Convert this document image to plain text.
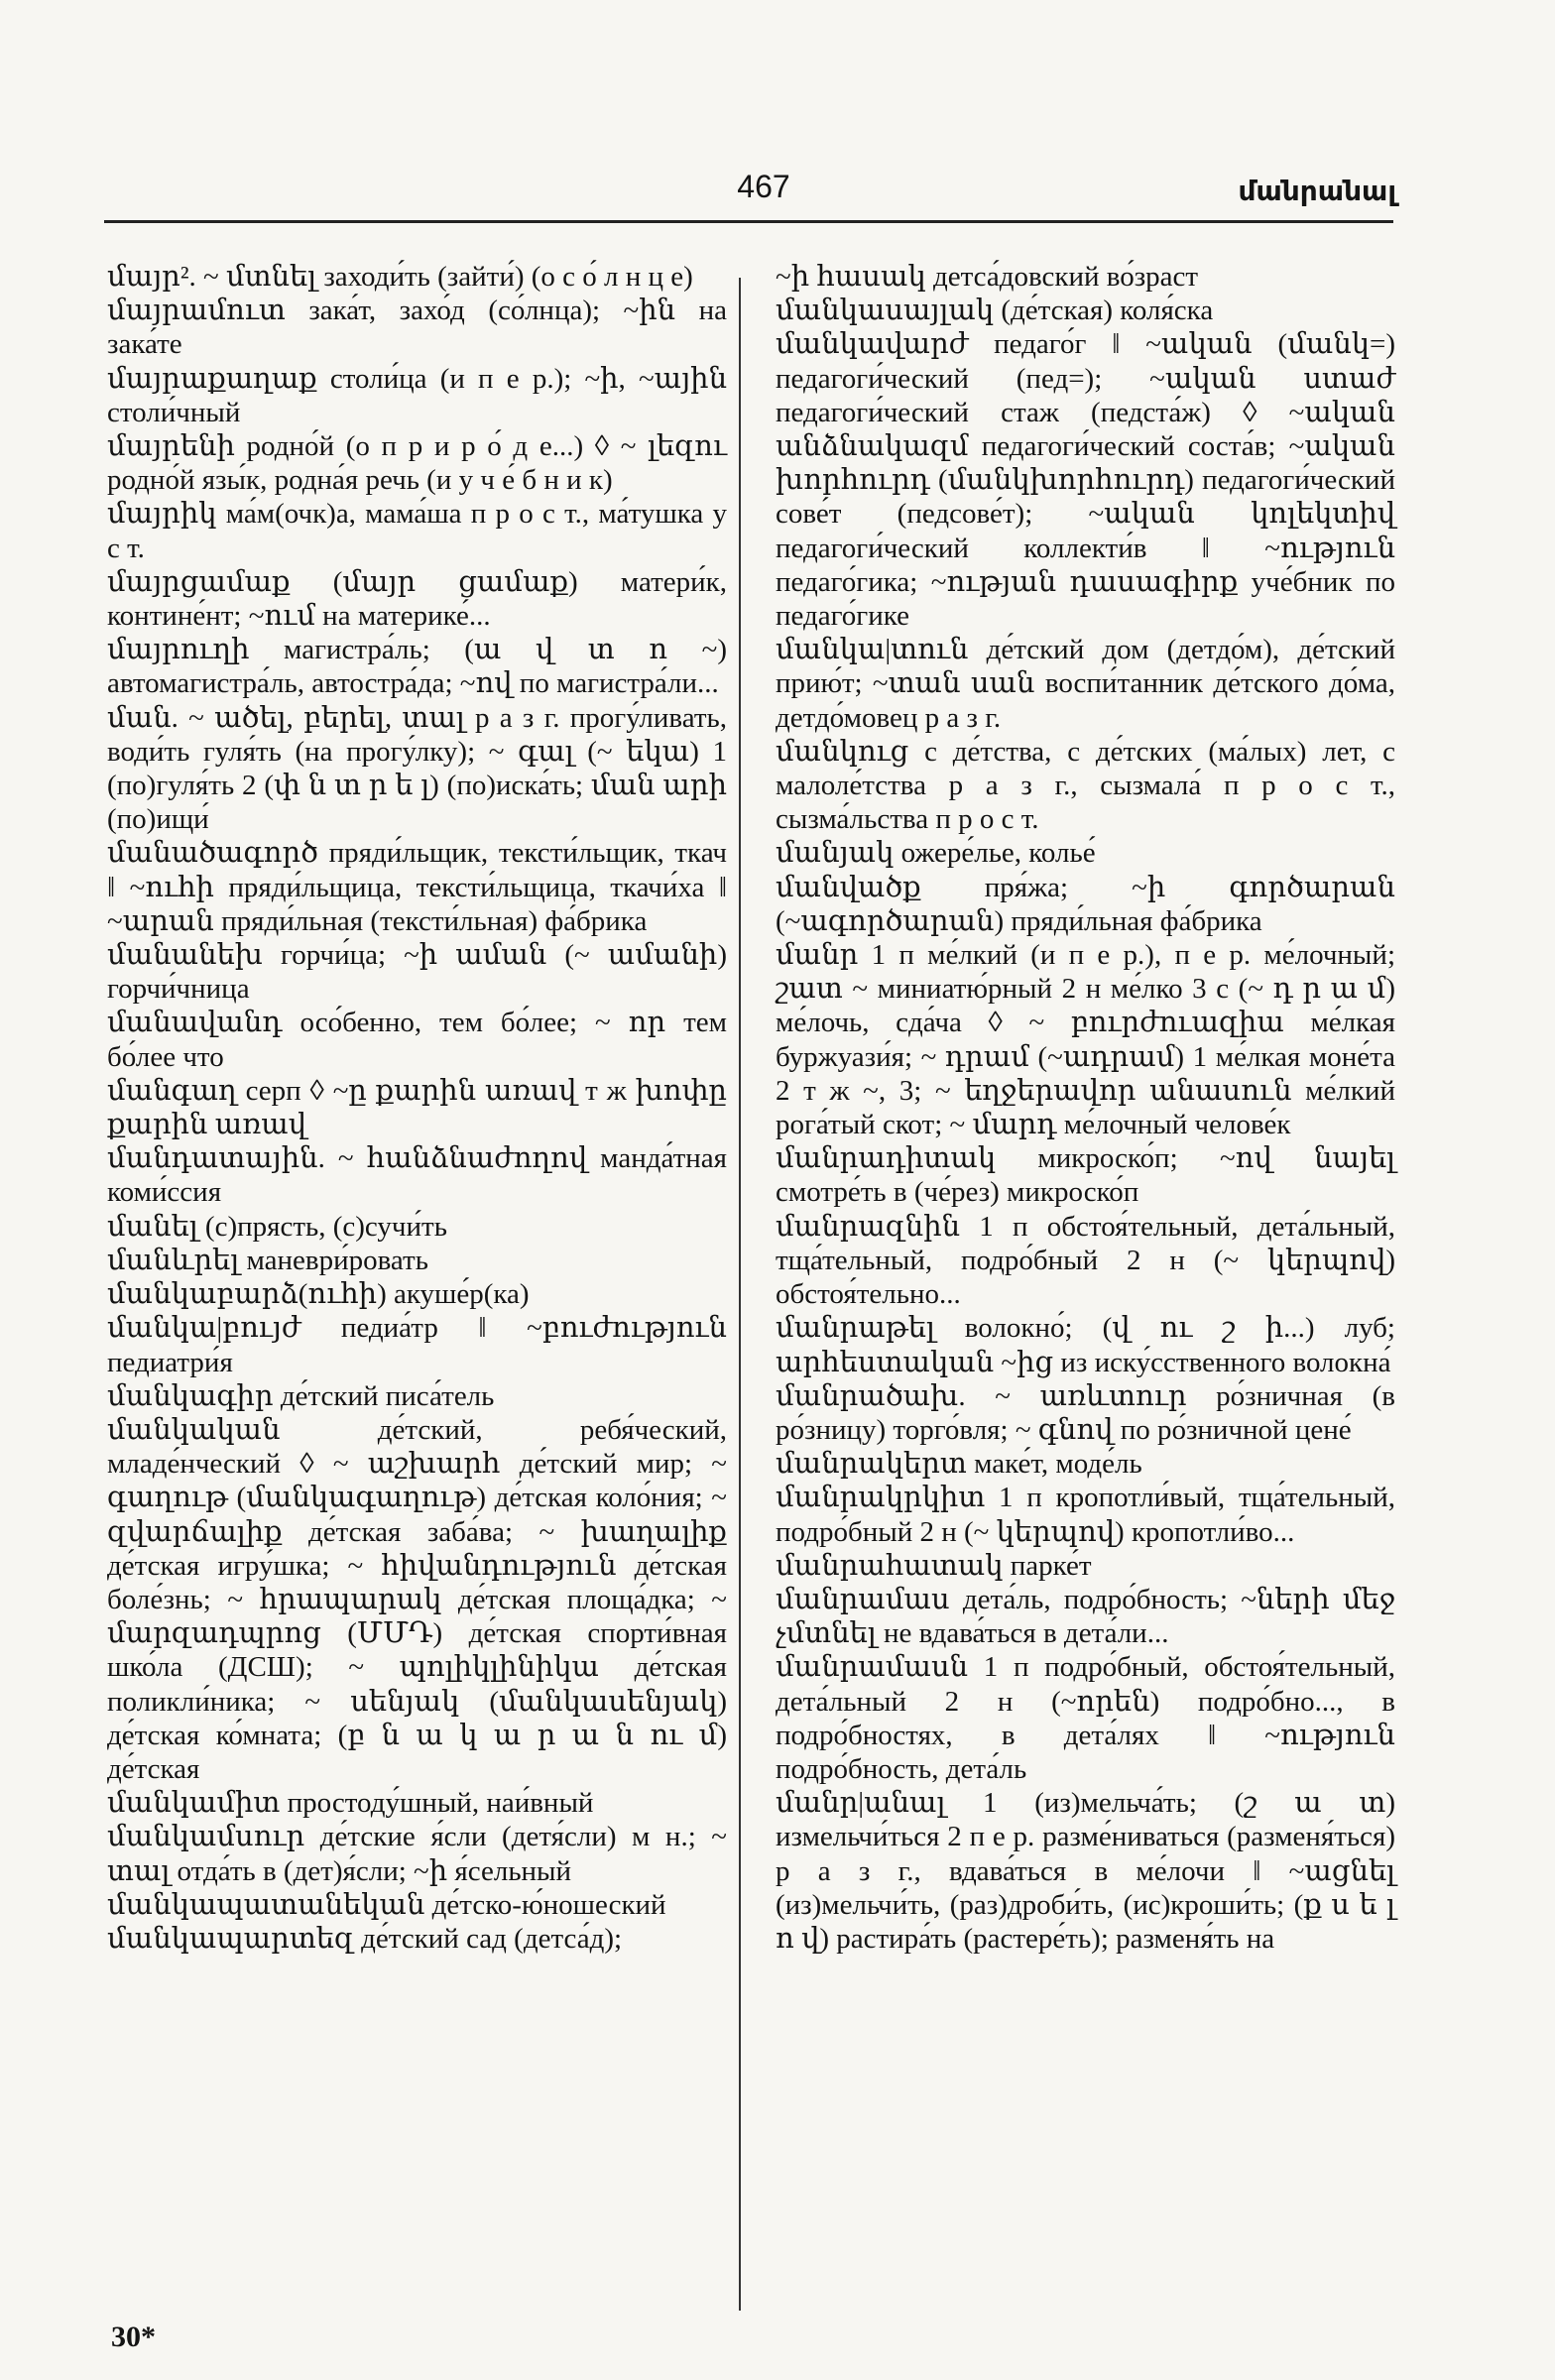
467	մանրանալ

մայր². ~ մտնել заходи́ть (зайти́) (о с о́ л н ц е)

մայրամուտ зака́т, захо́д (со́лнца); ~ին на зака́те

մայրաքաղաք столи́ца (и п е р.); ~ի, ~ային столи́чный

մայրենի родно́й (о п р и р о́ д е...) ◊ ~ լեզու родно́й язы́к, родна́я речь (и у ч е́ б н и к)

մայրիկ ма́м(очк)а, мама́ша п р о с т., ма́тушка у с т.

մայրցամաք (մայր ցամաք) матери́к, контине́нт; ~ում на материке́...

մայրուղի магистра́ль; (ա վ տ ո ~) автомагистра́ль, автостра́да; ~ով по магистра́ли...

ման. ~ ածել, բերել, տալ р а з г. прогу́ливать, води́ть гуля́ть (на прогу́лку); ~ գալ (~ եկա) 1 (по)гуля́ть 2 (փ ն տ ր ե լ) (по)иска́ть; ման արի (по)ищи́

մանածագործ пряди́льщик, тексти́льщик, ткач ‖ ~ուհի пряди́льщица, тексти́льщица, ткачи́ха ‖ ~արան пряди́льная (тексти́льная) фа́брика

մանանեխ горчи́ца; ~ի աման (~ ամանի) горчи́чница

մանավանդ осо́бенно, тем бо́лее; ~ որ тем бо́лее что

մանգաղ серп ◊ ~ը քարին առավ т ж խոփը քարին առավ

մանդատային. ~ հանձնաժողով манда́тная коми́ссия

մանել (с)прясть, (с)сучи́ть

մանևրել маневри́ровать

մանկաբարձ(ուհի) акуше́р(ка)

մանկա|բույժ педиа́тр ‖ ~բուժություն педиатри́я

մանկագիր де́тский писа́тель

մանկական де́тский, ребя́ческий, младе́нческий ◊ ~ աշխարհ де́тский мир; ~ գաղութ (մանկագաղութ) де́тская коло́ния; ~ զվարճալիք де́тская заба́ва; ~ խաղալիք де́тская игру́шка; ~ հիվանդություն де́тская боле́знь; ~ հրապարակ де́тская площа́дка; ~ մարզադպրոց (ՄՄԴ) де́тская спорти́вная шко́ла (ДСШ); ~ պոլիկլինիկա де́тская поликли́ника; ~ սենյակ (մանկասենյակ) де́тская ко́мната; (բ ն ա կ ա ր ա ն ու մ) де́тская

մանկամիտ простоду́шный, наи́вный

մանկամսուր де́тские я́сли (детя́сли) м н.; ~ տալ отда́ть в (дет)я́сли; ~ի я́сельный

մանկապատանեկան де́тско-ю́ношеский

մանկապարտեզ де́тский сад (детса́д);

~ի հասակ детса́довский во́зраст

մանկասայլակ (де́тская) коля́ска

մանկավարժ педаго́г ‖ ~ական (մանկ=) педагоги́ческий (пед=); ~ական ստաժ педагоги́ческий стаж (педста́ж) ◊ ~ական անձնակազմ педагоги́ческий соста́в; ~ական խորհուրդ (մանկխորհուրդ) педагоги́ческий сове́т (педсове́т); ~ական կոլեկտիվ педагоги́ческий коллекти́в ‖ ~ություն педаго́гика; ~ության դասագիրք уче́бник по педаго́гике

մանկա|տուն де́тский дом (детдо́м), де́тский прию́т; ~տան սան воспи́танник де́тского до́ма, детдо́мовец р а з г.

մանկուց с де́тства, с де́тских (ма́лых) лет, с малоле́тства р а з г., сызмала́ п р о с т., сызма́льства п р о с т.

մանյակ ожере́лье, колье́

մանվածք пря́жа; ~ի գործարան (~ագործարան) пряди́льная фа́брика

մանր 1 п ме́лкий (и п е р.), п е р. ме́лочный; շատ ~ миниатю́рный 2 н ме́лко 3 с (~ դ ր ա մ) ме́лочь, сда́ча ◊ ~ բուրժուազիա ме́лкая буржуази́я; ~ դրամ (~ադրամ) 1 ме́лкая моне́та 2 т ж ~, 3; ~ եղջերավոր անասուն ме́лкий рога́тый скот; ~ մարդ ме́лочный челове́к

մանրադիտակ микроско́п; ~ով նայել смотре́ть в (че́рез) микроско́п

մանրազնին 1 п обстоя́тельный, дета́льный, тща́тельный, подро́бный 2 н (~ կերպով) обстоя́тельно...

մանրաթել волокно́; (վ ու շ ի...) луб; արհեստական ~ից из иску́сственного волокна́

մանրածախ. ~ առևտուր ро́зничная (в ро́зницу) торго́вля; ~ գնով по ро́зничной цене́

մանրակերտ маке́т, моде́ль

մանրակրկիտ 1 п кропотли́вый, тща́тельный, подро́бный 2 н (~ կերպով) кропотли́во...

մանրահատակ парке́т

մանրամաս дета́ль, подро́бность; ~ների մեջ չմտնել не вдава́ться в дета́ли...

մանրամասն 1 п подро́бный, обстоя́тельный, дета́льный 2 н (~որեն) подро́бно..., в подро́бностях, в дета́лях ‖ ~ություն подро́бность, дета́ль

մանր|անալ 1 (из)мельча́ть; (շ ա տ) измельчи́ться 2 п е р. разме́ниваться (разменя́ться) р а з г., вдава́ться в ме́лочи ‖ ~ացնել (из)мельчи́ть, (раз)дроби́ть, (ис)кроши́ть; (ք ս ե լ ո վ) растира́ть (растере́ть); разменя́ть на

30*
